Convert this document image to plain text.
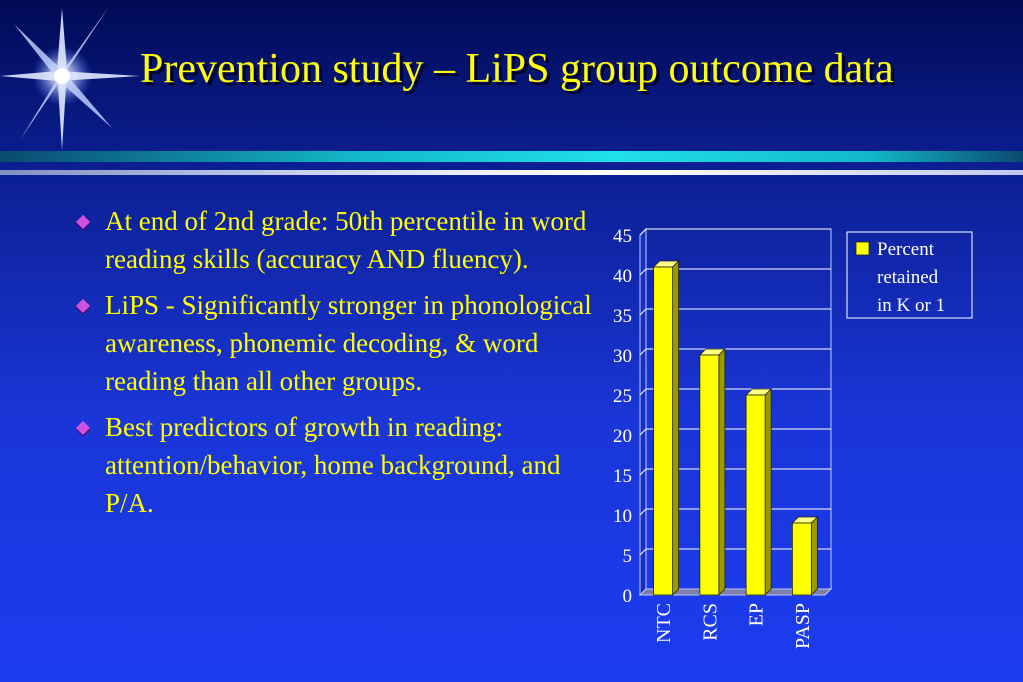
Prevention study – LiPS group outcome data
At end of 2nd grade: 50th percentile in word reading skills (accuracy AND fluency).
LiPS - Significantly stronger in phonological awareness, phonemic decoding, & word reading than all other groups.
Best predictors of growth in reading: attention/behavior, home background, and P/A.
0
5
10
15
20
25
30
35
40
45
NTC RCS EP PASP
Percent
retained
in K or 1
